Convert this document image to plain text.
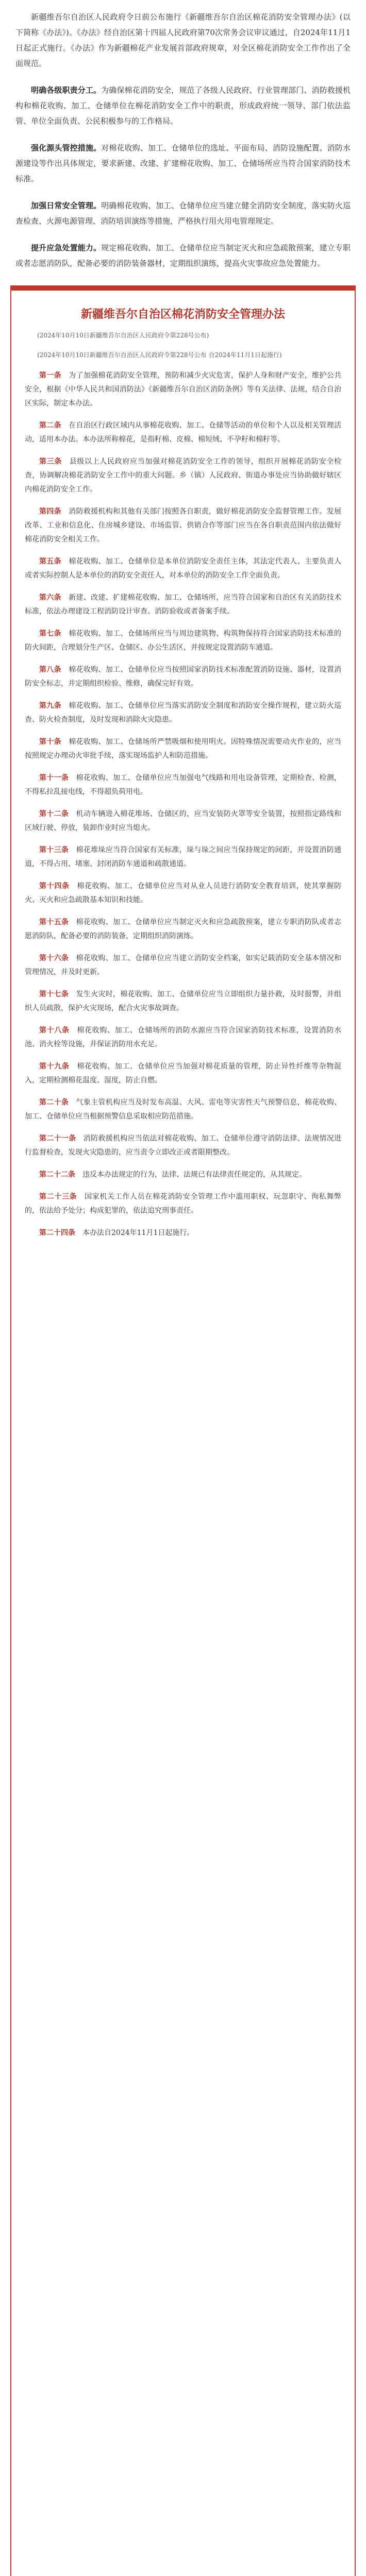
新疆维吾尔自治区人民政府令日前公布施行《新疆维吾尔自治区棉花消防安全管理办法》(以下简称《办法》)。《办法》经自治区第十四届人民政府第70次常务会议审议通过，自2024年11月1日起正式施行。《办法》作为新疆棉花产业发展首部政府规章，对全区棉花消防安全工作作出了全面规范。

明确各级职责分工。为确保棉花消防安全，规范了各级人民政府、行业管理部门、消防救援机构和棉花收购、加工、仓储单位在棉花消防安全工作中的职责，形成政府统一领导、部门依法监管、单位全面负责、公民积极参与的工作格局。

强化源头管控措施。对棉花收购、加工、仓储单位的选址、平面布局、消防设施配置、消防水源建设等作出具体规定，要求新建、改建、扩建棉花收购、加工、仓储场所应当符合国家消防技术标准。

加强日常安全管理。明确棉花收购、加工、仓储单位应当建立健全消防安全制度，落实防火巡查检查、火源电源管理、消防培训演练等措施，严格执行用火用电管理规定。

提升应急处置能力。规定棉花收购、加工、仓储单位应当制定灭火和应急疏散预案，建立专职或者志愿消防队，配备必要的消防装备器材，定期组织演练，提高火灾事故应急处置能力。

新疆维吾尔自治区棉花消防安全管理办法

(2024年10月10日新疆维吾尔自治区人民政府令第228号公布)

(2024年10月10日新疆维吾尔自治区人民政府令第228号公布 自2024年11月1日起施行)

第一条　 为了加强棉花消防安全管理，预防和减少火灾危害，保护人身和财产安全，维护公共安全，根据《中华人民共和国消防法》《新疆维吾尔自治区消防条例》等有关法律、法规，结合自治区实际，制定本办法。

第二条　 在自治区行政区域内从事棉花收购、加工、仓储等活动的单位和个人以及相关管理活动，适用本办法。本办法所称棉花，是指籽棉、皮棉、棉短绒、不孕籽和棉籽等。

第三条　 县级以上人民政府应当加强对棉花消防安全工作的领导，组织开展棉花消防安全检查，协调解决棉花消防安全工作中的重大问题。乡（镇）人民政府、街道办事处应当协助做好辖区内棉花消防安全工作。

第四条　 消防救援机构和其他有关部门按照各自职责，做好棉花消防安全监督管理工作。发展改革、工业和信息化、住房城乡建设、市场监管、供销合作等部门应当在各自职责范围内依法做好棉花消防安全相关工作。

第五条　 棉花收购、加工、仓储单位是本单位消防安全责任主体，其法定代表人、主要负责人或者实际控制人是本单位的消防安全责任人，对本单位的消防安全工作全面负责。

第六条　 新建、改建、扩建棉花收购、加工、仓储场所，应当符合国家和自治区有关消防技术标准，依法办理建设工程消防设计审查、消防验收或者备案手续。

第七条　 棉花收购、加工、仓储场所应当与周边建筑物、构筑物保持符合国家消防技术标准的防火间距，合理划分生产区、仓储区、办公生活区，并按规定设置消防车通道。

第八条　 棉花收购、加工、仓储单位应当按照国家消防技术标准配置消防设施、器材，设置消防安全标志，并定期组织检验、维修，确保完好有效。

第九条　 棉花收购、加工、仓储单位应当落实消防安全制度和消防安全操作规程，建立防火巡查、防火检查制度，及时发现和消除火灾隐患。

第十条　 棉花收购、加工、仓储场所严禁吸烟和使用明火。因特殊情况需要动火作业的，应当按照规定办理动火审批手续，落实现场监护人和防范措施。

第十一条　 棉花收购、加工、仓储单位应当加强电气线路和用电设备管理，定期检查、检测，不得私拉乱接电线，不得超负荷用电。

第十二条　 机动车辆进入棉花堆场、仓储区的，应当安装防火罩等安全装置，按照指定路线和区域行驶、停放，装卸作业时应当熄火。

第十三条　 棉花堆垛应当符合国家有关标准，垛与垛之间应当保持规定的间距，并设置消防通道，不得占用、堵塞、封闭消防车通道和疏散通道。

第十四条　 棉花收购、加工、仓储单位应当对从业人员进行消防安全教育培训，使其掌握防火、灭火和应急疏散基本知识和技能。

第十五条　 棉花收购、加工、仓储单位应当制定灭火和应急疏散预案，建立专职消防队或者志愿消防队，配备必要的消防装备，定期组织消防演练。

第十六条　 棉花收购、加工、仓储单位应当建立消防安全档案，如实记载消防安全基本情况和管理情况，并及时更新。

第十七条　 发生火灾时，棉花收购、加工、仓储单位应当立即组织力量扑救，及时报警，并组织人员疏散，保护火灾现场，配合火灾事故调查。

第十八条　 棉花收购、加工、仓储场所的消防水源应当符合国家消防技术标准，设置消防水池、消火栓等设施，并保证消防用水充足。

第十九条　 棉花收购、加工、仓储单位应当加强对棉花质量的管理，防止异性纤维等杂物混入，定期检测棉花温度、湿度，防止自燃。

第二十条　 气象主管机构应当及时发布高温、大风、雷电等灾害性天气预警信息，棉花收购、加工、仓储单位应当根据预警信息采取相应防范措施。

第二十一条　 消防救援机构应当依法对棉花收购、加工、仓储单位遵守消防法律、法规情况进行监督检查，发现火灾隐患的，应当责令立即改正或者限期整改。

第二十二条　 违反本办法规定的行为，法律、法规已有法律责任规定的，从其规定。

第二十三条　 国家机关工作人员在棉花消防安全管理工作中滥用职权、玩忽职守、徇私舞弊的，依法给予处分；构成犯罪的，依法追究刑事责任。

第二十四条　 本办法自2024年11月1日起施行。
